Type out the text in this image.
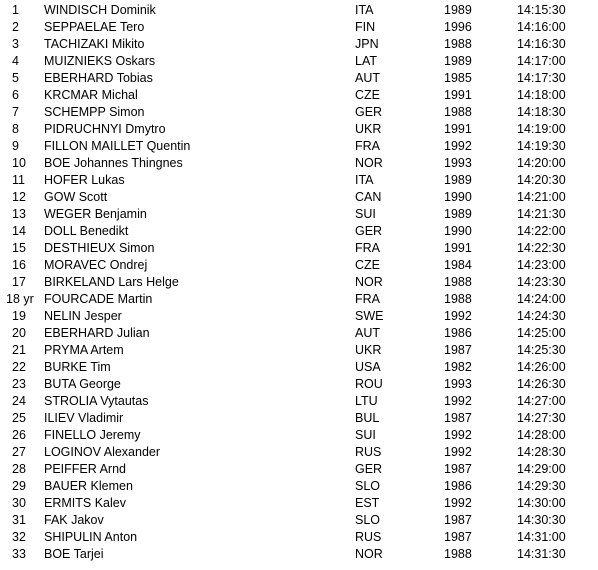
1 WINDISCH Dominik	ITA	1989	14:15:30
2 SEPPAELAE Tero	FIN	1996	14:16:00
3 TACHIZAKI Mikito	JPN	1988	14:16:30
4 MUIZNIEKS Oskars	LAT	1989	14:17:00
5 EBERHARD Tobias	AUT	1985	14:17:30
6 KRCMAR Michal	CZE	1991	14:18:00
7 SCHEMPP Simon	GER	1988	14:18:30
8 PIDRUCHNYI Dmytro	UKR	1991	14:19:00
9 FILLON MAILLET Quentin	FRA	1992	14:19:30
10 BOE Johannes Thingnes	NOR	1993	14:20:00
11 HOFER Lukas	ITA	1989	14:20:30
12 GOW Scott	CAN	1990	14:21:00
13 WEGER Benjamin	SUI	1989	14:21:30
14 DOLL Benedikt	GER	1990	14:22:00
15 DESTHIEUX Simon	FRA	1991	14:22:30
16 MORAVEC Ondrej	CZE	1984	14:23:00
17 BIRKELAND Lars Helge	NOR	1988	14:23:30
18 yr FOURCADE Martin	FRA	1988	14:24:00
19 NELIN Jesper	SWE	1992	14:24:30
20 EBERHARD Julian	AUT	1986	14:25:00
21 PRYMA Artem	UKR	1987	14:25:30
22 BURKE Tim	USA	1982	14:26:00
23 BUTA George	ROU	1993	14:26:30
24 STROLIA Vytautas	LTU	1992	14:27:00
25 ILIEV Vladimir	BUL	1987	14:27:30
26 FINELLO Jeremy	SUI	1992	14:28:00
27 LOGINOV Alexander	RUS	1992	14:28:30
28 PEIFFER Arnd	GER	1987	14:29:00
29 BAUER Klemen	SLO	1986	14:29:30
30 ERMITS Kalev	EST	1992	14:30:00
31 FAK Jakov	SLO	1987	14:30:30
32 SHIPULIN Anton	RUS	1987	14:31:00
33 BOE Tarjei	NOR	1988	14:31:30
